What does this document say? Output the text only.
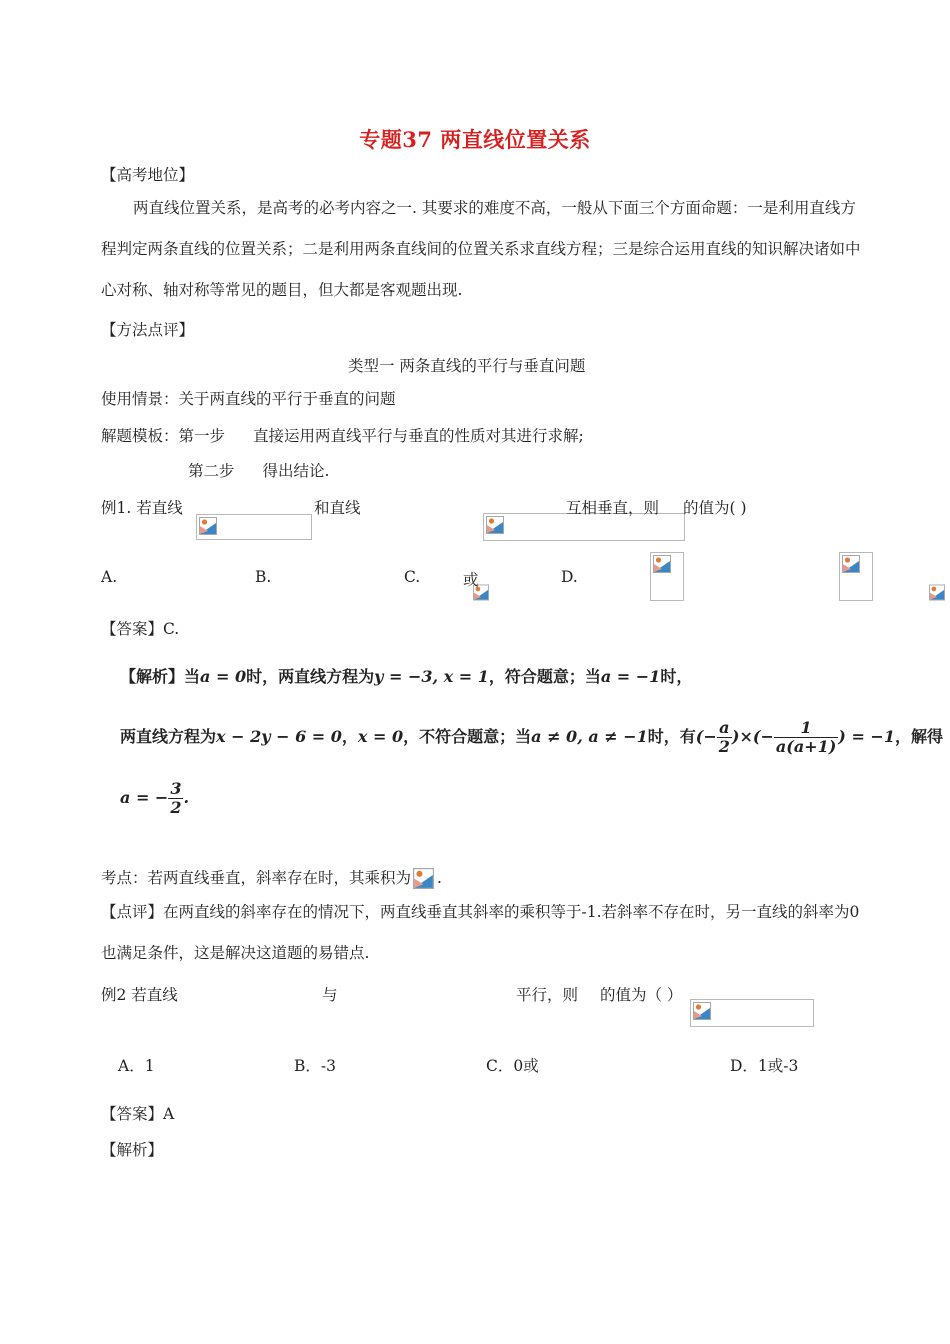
专题37 两直线位置关系
【高考地位】
两直线位置关系，是高考的必考内容之一. 其要求的难度不高，一般从下面三个方面命题：一是利用直线方程判定两条直线的位置关系；二是利用两条直线间的位置关系求直线方程；三是综合运用直线的知识解决诸如中心对称、轴对称等常见的题目，但大都是客观题出现.
【方法点评】
类型一 两条直线的平行与垂直问题
使用情景：关于两直线的平行于垂直的问题
解题模板：第一步 直接运用两直线平行与垂直的性质对其进行求解;
第二步 得出结论.
例1. 若直线
	和直线
	互相垂直，则
的值为( )
A.
	B.
	C.
	或
	D.

【答案】C.
【解析】当a = 0时，两直线方程为y = −3, x = 1，符合题意；当a = −1时，
两直线方程为x − 2y − 6 = 0，x = 0，不符合题意；当a ≠ 0, a ≠ −1时，有(− $\frac{a}{2}$ )×(− $\frac{1}{a(a+1)}$ ) = −1，解得
a = − $\frac{3}{2}$ .
考点：若两直线垂直，斜率存在时，其乘积为 .
【点评】在两直线的斜率存在的情况下，两直线垂直其斜率的乘积等于-1.若斜率不存在时，另一直线的斜率为0也满足条件，这是解决这道题的易错点.
例2 若直线
	与
	平行，则
的值为（ ）
A．1	B．-3	C．0或	D．1或-3
【答案】A
【解析】
